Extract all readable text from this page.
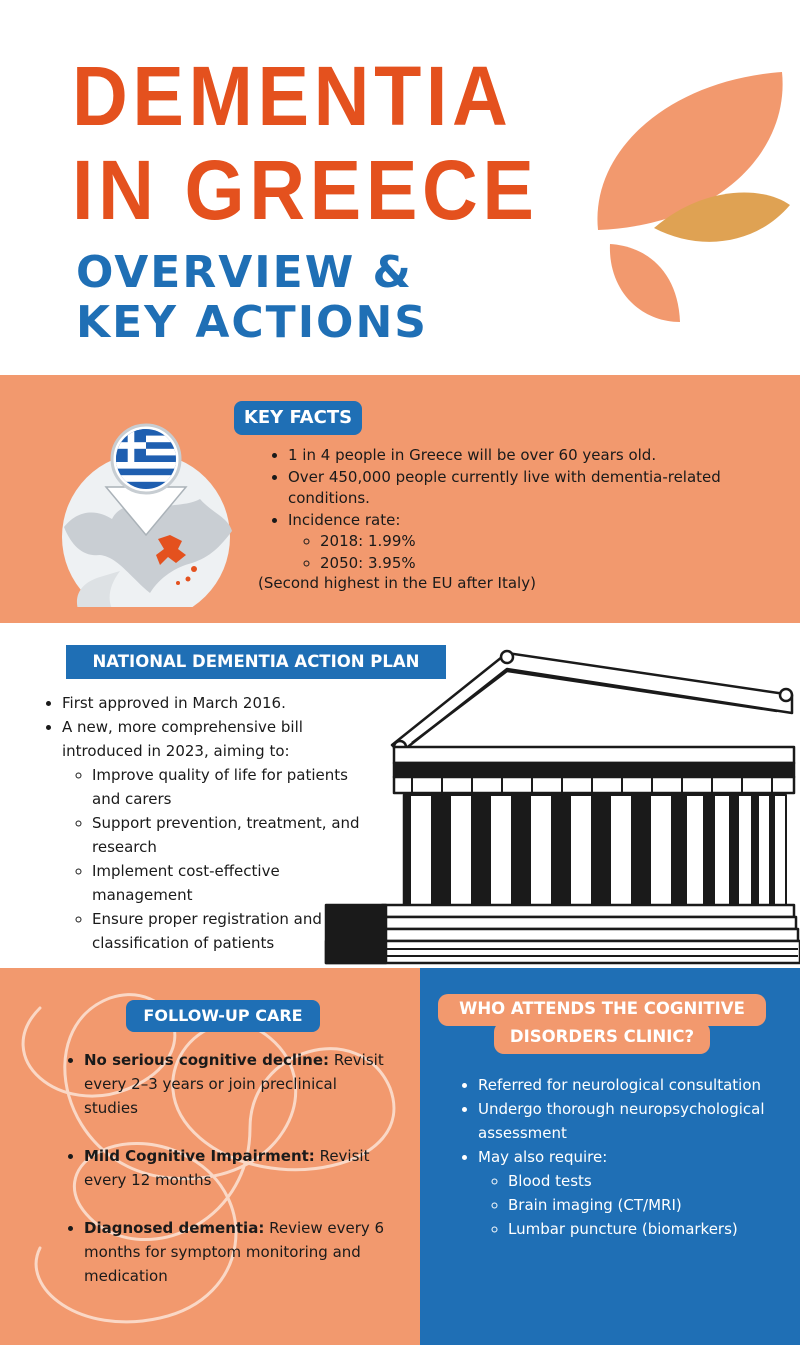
DEMENTIA
IN GREECE
OVERVIEW &
KEY ACTIONS
KEY FACTS
• 1 in 4 people in Greece will be over 60 years old.
• Over 450,000 people currently live with dementia-related conditions.
• Incidence rate:
◦ 2018: 1.99%
◦ 2050: 3.95%
(Second highest in the EU after Italy)
NATIONAL DEMENTIA ACTION PLAN
• First approved in March 2016.
• A new, more comprehensive bill introduced in 2023, aiming to:
◦ Improve quality of life for patients and carers
◦ Support prevention, treatment, and research
◦ Implement cost-effective management
◦ Ensure proper registration and classification of patients
FOLLOW-UP CARE
• No serious cognitive decline: Revisit every 2–3 years or join preclinical studies
• Mild Cognitive Impairment: Revisit every 12 months
• Diagnosed dementia: Review every 6 months for symptom monitoring and medication
WHO ATTENDS THE COGNITIVE
DISORDERS CLINIC?
• Referred for neurological consultation
• Undergo thorough neuropsychological assessment
• May also require:
◦ Blood tests
◦ Brain imaging (CT/MRI)
◦ Lumbar puncture (biomarkers)
